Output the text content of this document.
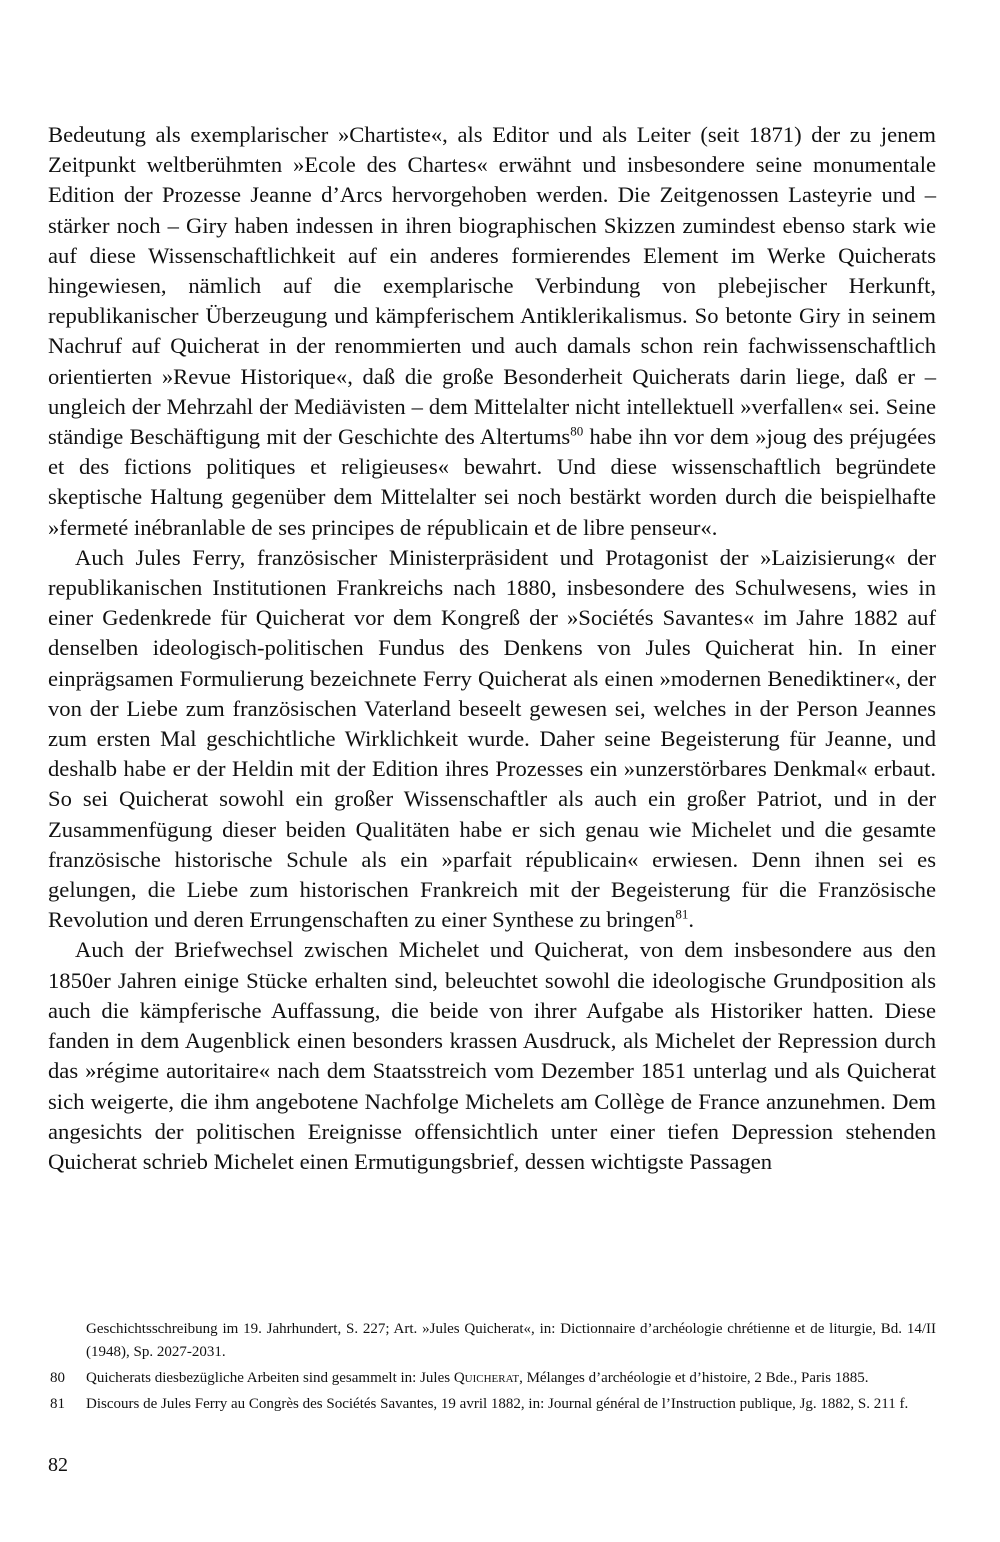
Bedeutung als exemplarischer »Chartiste«, als Editor und als Leiter (seit 1871) der zu jenem Zeitpunkt weltberühmten »Ecole des Chartes« erwähnt und insbesondere seine monumentale Edition der Prozesse Jeanne d’Arcs hervorgehoben werden. Die Zeitgenossen Lasteyrie und – stärker noch – Giry haben indessen in ihren biographischen Skizzen zumindest ebenso stark wie auf diese Wissenschaftlichkeit auf ein anderes formierendes Element im Werke Quicherats hingewiesen, nämlich auf die exemplarische Verbindung von plebejischer Herkunft, republikanischer Überzeugung und kämpferischem Antiklerikalismus. So betonte Giry in seinem Nachruf auf Quicherat in der renommierten und auch damals schon rein fachwissenschaftlich orientierten »Revue Historique«, daß die große Besonderheit Quicherats darin liege, daß er – ungleich der Mehrzahl der Mediävisten – dem Mittelalter nicht intellektuell »verfallen« sei. Seine ständige Beschäftigung mit der Geschichte des Altertums$^{80}$ habe ihn vor dem »joug des préjugées et des fictions politiques et religieuses« bewahrt. Und diese wissenschaftlich begründete skeptische Haltung gegenüber dem Mittelalter sei noch bestärkt worden durch die beispielhafte »fermeté inébranlable de ses principes de républicain et de libre penseur«.

Auch Jules Ferry, französischer Ministerpräsident und Protagonist der »Laizisierung« der republikanischen Institutionen Frankreichs nach 1880, insbesondere des Schulwesens, wies in einer Gedenkrede für Quicherat vor dem Kongreß der »Sociétés Savantes« im Jahre 1882 auf denselben ideologisch-politischen Fundus des Denkens von Jules Quicherat hin. In einer einprägsamen Formulierung bezeichnete Ferry Quicherat als einen »modernen Benediktiner«, der von der Liebe zum französischen Vaterland beseelt gewesen sei, welches in der Person Jeannes zum ersten Mal geschichtliche Wirklichkeit wurde. Daher seine Begeisterung für Jeanne, und deshalb habe er der Heldin mit der Edition ihres Prozesses ein »unzerstörbares Denkmal« erbaut. So sei Quicherat sowohl ein großer Wissenschaftler als auch ein großer Patriot, und in der Zusammenfügung dieser beiden Qualitäten habe er sich genau wie Michelet und die gesamte französische historische Schule als ein »parfait républicain« erwiesen. Denn ihnen sei es gelungen, die Liebe zum historischen Frankreich mit der Begeisterung für die Französische Revolution und deren Errungenschaften zu einer Synthese zu bringen$^{81}$.

Auch der Briefwechsel zwischen Michelet und Quicherat, von dem insbesondere aus den 1850er Jahren einige Stücke erhalten sind, beleuchtet sowohl die ideologische Grundposition als auch die kämpferische Auffassung, die beide von ihrer Aufgabe als Historiker hatten. Diese fanden in dem Augenblick einen besonders krassen Ausdruck, als Michelet der Repression durch das »régime autoritaire« nach dem Staatsstreich vom Dezember 1851 unterlag und als Quicherat sich weigerte, die ihm angebotene Nachfolge Michelets am Collège de France anzunehmen. Dem angesichts der politischen Ereignisse offensichtlich unter einer tiefen Depression stehenden Quicherat schrieb Michelet einen Ermutigungsbrief, dessen wichtigste Passagen

Geschichtsschreibung im 19. Jahrhundert, S. 227; Art. »Jules Quicherat«, in: Dictionnaire d’archéologie chrétienne et de liturgie, Bd. 14/II (1948), Sp. 2027-2031.

80 Quicherats diesbezügliche Arbeiten sind gesammelt in: Jules Quicherat, Mélanges d’archéologie et d’histoire, 2 Bde., Paris 1885.

81 Discours de Jules Ferry au Congrès des Sociétés Savantes, 19 avril 1882, in: Journal général de l’Instruction publique, Jg. 1882, S. 211 f.

82
